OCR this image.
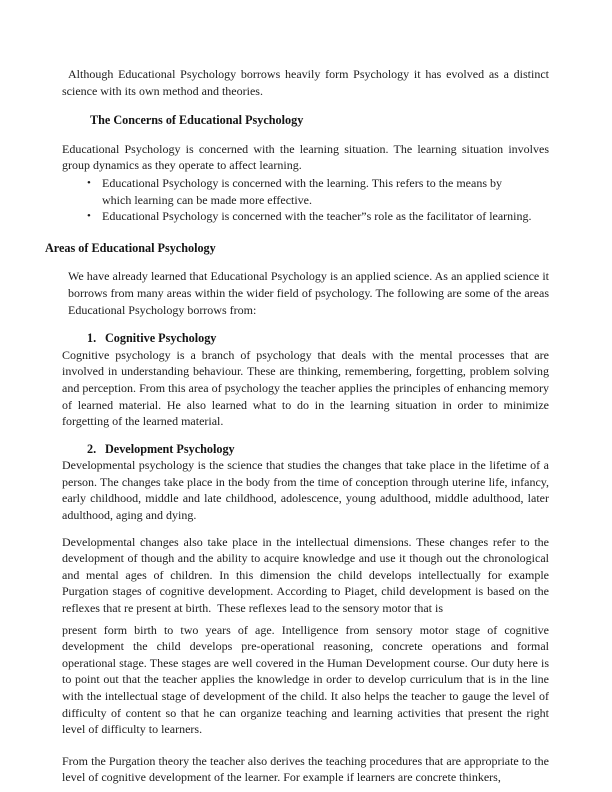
Although Educational Psychology borrows heavily form Psychology it has evolved as a distinct science with its own method and theories.

The Concerns of Educational Psychology

Educational Psychology is concerned with the learning situation. The learning situation involves group dynamics as they operate to affect learning.

• Educational Psychology is concerned with the learning. This refers to the means by which learning can be made more effective.
• Educational Psychology is concerned with the teacher”s role as the facilitator of learning.
Areas of Educational Psychology

We have already learned that Educational Psychology is an applied science. As an applied science it borrows from many areas within the wider field of psychology. The following are some of the areas Educational Psychology borrows from:

1. Cognitive Psychology

Cognitive psychology is a branch of psychology that deals with the mental processes that are involved in understanding behaviour. These are thinking, remembering, forgetting, problem solving and perception. From this area of psychology the teacher applies the principles of enhancing memory of learned material. He also learned what to do in the learning situation in order to minimize forgetting of the learned material.

2. Development Psychology

Developmental psychology is the science that studies the changes that take place in the lifetime of a person. The changes take place in the body from the time of conception through uterine life, infancy, early childhood, middle and late childhood, adolescence, young adulthood, middle adulthood, later adulthood, aging and dying.

Developmental changes also take place in the intellectual dimensions. These changes refer to the development of though and the ability to acquire knowledge and use it though out the chronological and mental ages of children. In this dimension the child develops intellectually for example Purgation stages of cognitive development. According to Piaget, child development is based on the reflexes that re present at birth.  These reflexes lead to the sensory motor that is

present form birth to two years of age. Intelligence from sensory motor stage of cognitive development the child develops pre-operational reasoning, concrete operations and formal operational stage. These stages are well covered in the Human Development course. Our duty here is to point out that the teacher applies the knowledge in order to develop curriculum that is in the line with the intellectual stage of development of the child. It also helps the teacher to gauge the level of difficulty of content so that he can organize teaching and learning activities that present the right level of difficulty to learners.

From the Purgation theory the teacher also derives the teaching procedures that are appropriate to the level of cognitive development of the learner. For example if learners are concrete thinkers,
